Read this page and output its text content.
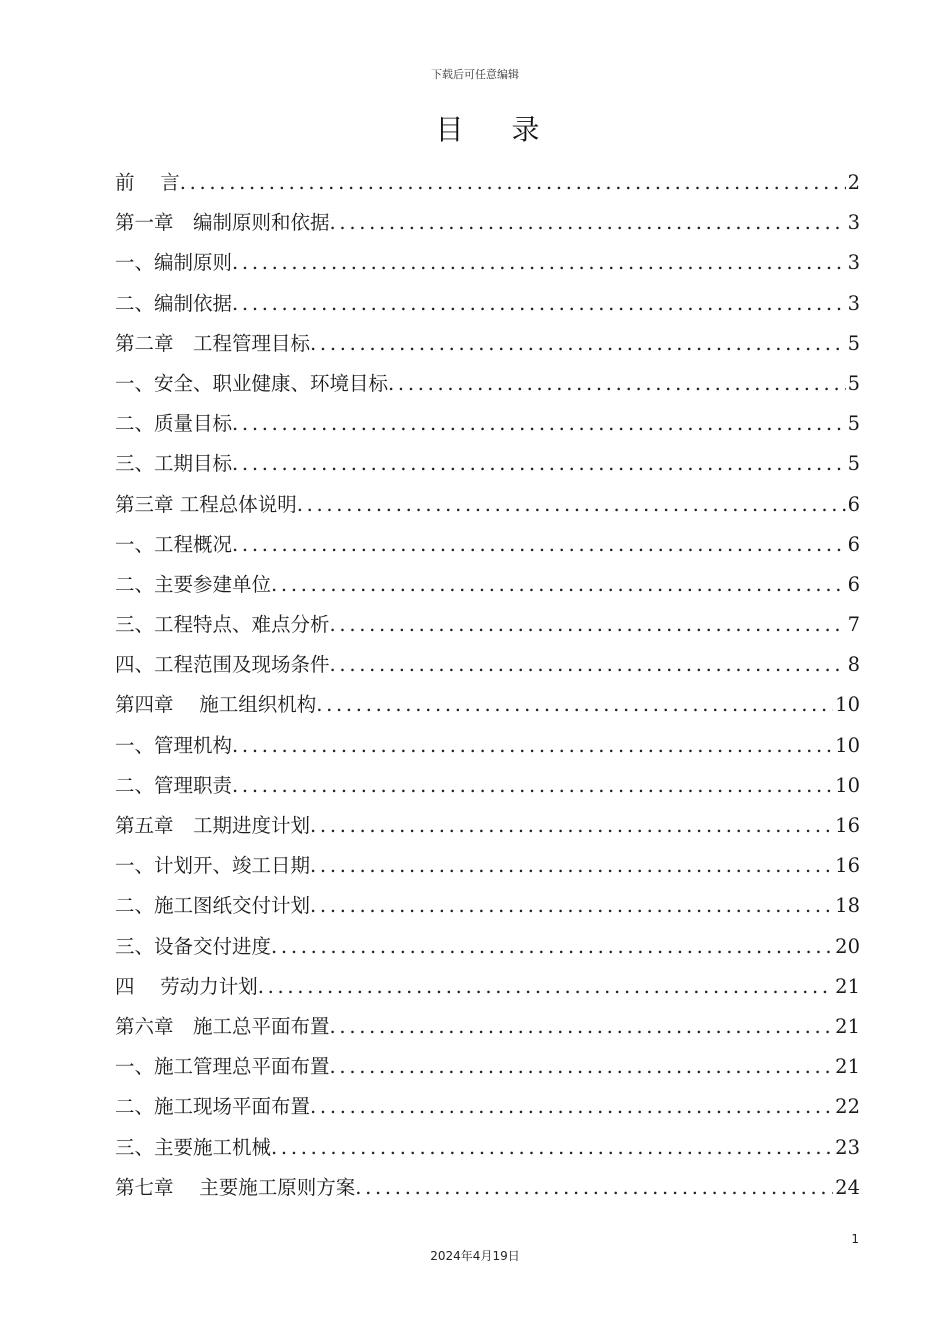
下载后可任意编辑
目 录
前　 言 .....	2
第一章　编制原则和依据 .....	3
一、编制原则 .....	3
二、编制依据 .....	3
第二章　工程管理目标 .....	5
一、安全、职业健康、环境目标 .....	5
二、质量目标 .....	5
三、工期目标 .....	5
第三章 工程总体说明 .....	6
一、工程概况 .....	6
二、主要参建单位 .....	6
三、工程特点、难点分析 .....	7
四、工程范围及现场条件 .....	8
第四章　 施工组织机构 .....	10
一、管理机构 .....	10
二、管理职责 .....	10
第五章　工期进度计划 .....	16
一、计划开、竣工日期 .....	16
二、施工图纸交付计划 .....	18
三、设备交付进度 .....	20
四　 劳动力计划 .....	21
第六章　施工总平面布置 .....	21
一、施工管理总平面布置 .....	21
二、施工现场平面布置 .....	22
三、主要施工机械 .....	23
第七章　 主要施工原则方案 .....	24
1
2024年4月19日
